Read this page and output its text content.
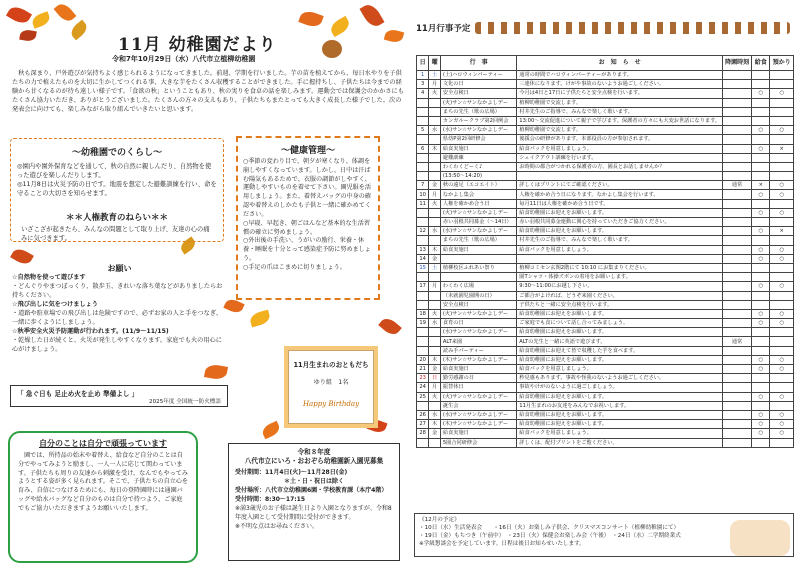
11月 幼稚園だより
令和7年10月29日（水）八代市立植柳幼稚園
秋も深まり、戸外遊びが気持ちよく感じられるようになってきました。前週、学期を行いました。芋の苗を植えてから、毎日水やりを子供たちの力で植えたものを大切に生かしてつくれる事、大きな芋をたくさん収穫することができました。手に握持ちし、子供たちは今までの経験から甘くなるのが待ち遠しい様子です。「食欲の秋」ということもあり、秋の実りを食卓の話を楽しみます。運動会では保護会のかかさにもたくさん協力いただき、ありがとうございました。たくさんの方々の支えもあり、子供たちもまたとっても大きく成長した様子でした。次の発表会に向けても、楽しみながら取り組んでいきたいと思います。
～幼稚園でのくらし～
◎園内や園外保育などを通して、秋の自然に親しんだり、自然物を使った遊びを楽しんだりします。
◎11月8日は火災予防の日です。地震を想定した避難訓練を行い、命を守ることの大切さを知らせます。
＊＊人権教育のねらい＊＊
いざこざが起きたら、みんなの問題として取り上げ、友達の心の痛みに気づきます。
～健康管理～
○季節の変わり目で、朝夕が寒くなり、体調を崩しやすくなっています。しかし、日中は汗ばむ陽気もあるためで、衣服の調節がしやすく、運動しやすいものを着せて下さい。園児服を活用しましょう。また、着替えバッグの中身の確認や着替えのしかたも子供と一緒に確かめてください。
○早寝、早起き、朝ごはんなど基本的な生活習慣の確立に努めましょう。
○外出後の手洗い、うがいの励行、栄養・休養・睡眠を十分とって感染症予防に努めましょう。
○手足の爪はこまめに切りましょう。
お願い
☆自然物を使って遊びます
・どんぐりやまつぼっくり、散歩玉、きれいな落ち葉などがありましたらお持ちください。
☆飛び出しに気をつけましょう
・道路や駐車場での飛び出しは危険ですので、必ずお家の人と手をつなぎ、一緒に歩くようにしましょう。
☆秋季安全火災予防運動が行われます。(11/9～11/15)
・乾燥した日が続くと、火災が発生しやすくなります。家庭でも火の用心に心がけましょう。
「 急ぐ日も 足止め火を止め 準備よし 」
2025年度 全国統一防火標語
自分のことは自分で頑張っています
園では、所持品の始末や着替え、給食など自分のことは自分でやってみようと励まし、一人一人に応じて関わっています。子供たちも周りの友達から刺激を受け、なんでもやってみようとする姿が多く見られます。そこで、子供たちの自立心を育み、自信につなげるためにも、毎日の登降園時には通園バッグや給水バッグなど自分のものは自分で持つよう、ご家庭でもご協力いただきますようお願いいたします。
11月生まれのおともだち
ゆり組　1名
Happy Birthday
令和８年度
八代市立にいろ・おおぞら幼稚園新入園児募集
受付期間：11月4日(火)～11月28日(金)
＊土・日・祝日は除く
受付場所：八代市立幼稚園6園・学校教育課（本庁4階）
受付時間：8:30～17:15
※満3歳児のお子様は誕生日より入園となりますが、令和8年度入園として受付期間に受付ができます。
※不明な点はお尋ねください。
11月行事予定
日	曜	行　事	お　知　ら　せ	降園時刻	給食	預かり
1	土	(土)ハロウィンパーティー	通常の時間でハロウィンパーティーがあります。			
3	月	文化の日	三連休になります。けがや事故のないようお過ごしください。			
4	火	安全点検日	今月は4日と17日に子供たちと安全点検を行います。		○	○
		(火)サン☆サンなかよしデー	植柳幼稚園で交流します。			
		まちの先生（歌の広場）	村井先生のご指導で、みんなで楽しく歌います。			
		カンガルークラブ第2回例会	13:00～交流促進について親子で学びます。保護者の方々にも大変お世話になります。			
5	水	(水)サン☆サンなかよしデー	植柳幼稚園で交流します。		○	○
		県幼P第2回研修会	後援会の研修があります。本部役員の方が参加されます。			
6	木	給食実施日	給食パックを用意しましょう。		○	×
		避難訓練	シェイクアウト訓練を行います。			
		わくわくどーく♪	お時間の都合がつかれる保護者の方、園長とお話しませんか？			
		(13:50～14:20)				
7	金	秋の遠足（エコエイト）	詳しくはプリントにてご確認ください。	通常	×	○
10	月	なかよし集会	人権を確かめ合う日になります。なかよし集会を行います。		○	○
11	火	人権を確かめ合う日	毎月11日は人権を確かめ合う日です。			
		(火)サン☆サンなかよしデー	給食幼稚園にお迎えをお願いします。		○	○
		赤い羽根共同募金（～14日）	赤い羽根共同募金運動に関心を持っていただきご協力ください。			
12	水	(水)サン☆サンなかよしデー	給食幼稚園にお迎えをお願いします。		○	×
		まちの先生（歌の広場）	村井先生のご指導で、みんなで楽しく歌います。			
13	木	給食実施日	給食パックを用意しましょう。		○	○
14	金				○	○
15	土	植柳校区ふれあい祭り	植柳コミセン玄関2階にて 10:10 にお集まりください。			
			園Tシャツ・体操ズボンの着用をお願いします。			
17	月	わくわく広場	9:30～11:00にお越し下さい。		○	○
		（未就園児園開の日）	ご都合がよければ、どうぞ来園ください。			
		安全点検日	子供たちと一緒に安全点検を行います。			
18	火	(火)サン☆サンなかよしデー	給食幼稚園にお迎えをお願いします。		○	○
19	水	食育の日	ご家庭でも食について話し合ってみましょう。		○	○
		(水)サン☆サンなかよしデー	給食幼稚園にお迎えをお願いします。			
		ALT来園	ALTの先生と一緒に英語で遊びます。	通常		
		読み手パーティー	給食幼稚園にお迎えて皆で収穫した芋を食べます。			
20	木	(木)サン☆サンなかよしデー	給食幼稚園にお迎えをお願いします。		○	○
21	金	給食実施日	給食パックを用意しましょう。		○	○
23	日	勤労感謝の日	秒見感もあります。事故や怪我のないようお過ごしください。			
24	月	振替休日	事故やけがのないように過ごしましょう。			
25	火	(火)サン☆サンなかよしデー	給食幼稚園にお迎えをお願いします。		○	○
		誕生会	11月生まれのお友達をみんなでお祝いします。			
26	水	(水)サン☆サンなかよしデー	給食幼稚園にお迎えをお願いします。		○	○
27	木	(木)サン☆サンなかよしデー	給食幼稚園にお迎えをお願いします。		○	○
28	金	給食実施日	給食パックを用意しましょう。		○	○
		5園合同研修会	詳しくは、配付プリントをご覧ください。			
《12月の予定》
・10日（水）生活発表会　　・16日（火）お楽しみ子供会、クリスマスコンサート（植柳幼稚園にて）
・19日（金）もちつき（午前中）　・23日（火）保健会お楽しみ会（午後）　・24日（水）二学期終業式
※学級懇談会を予定しています。日程は後日お知らせいたします。
